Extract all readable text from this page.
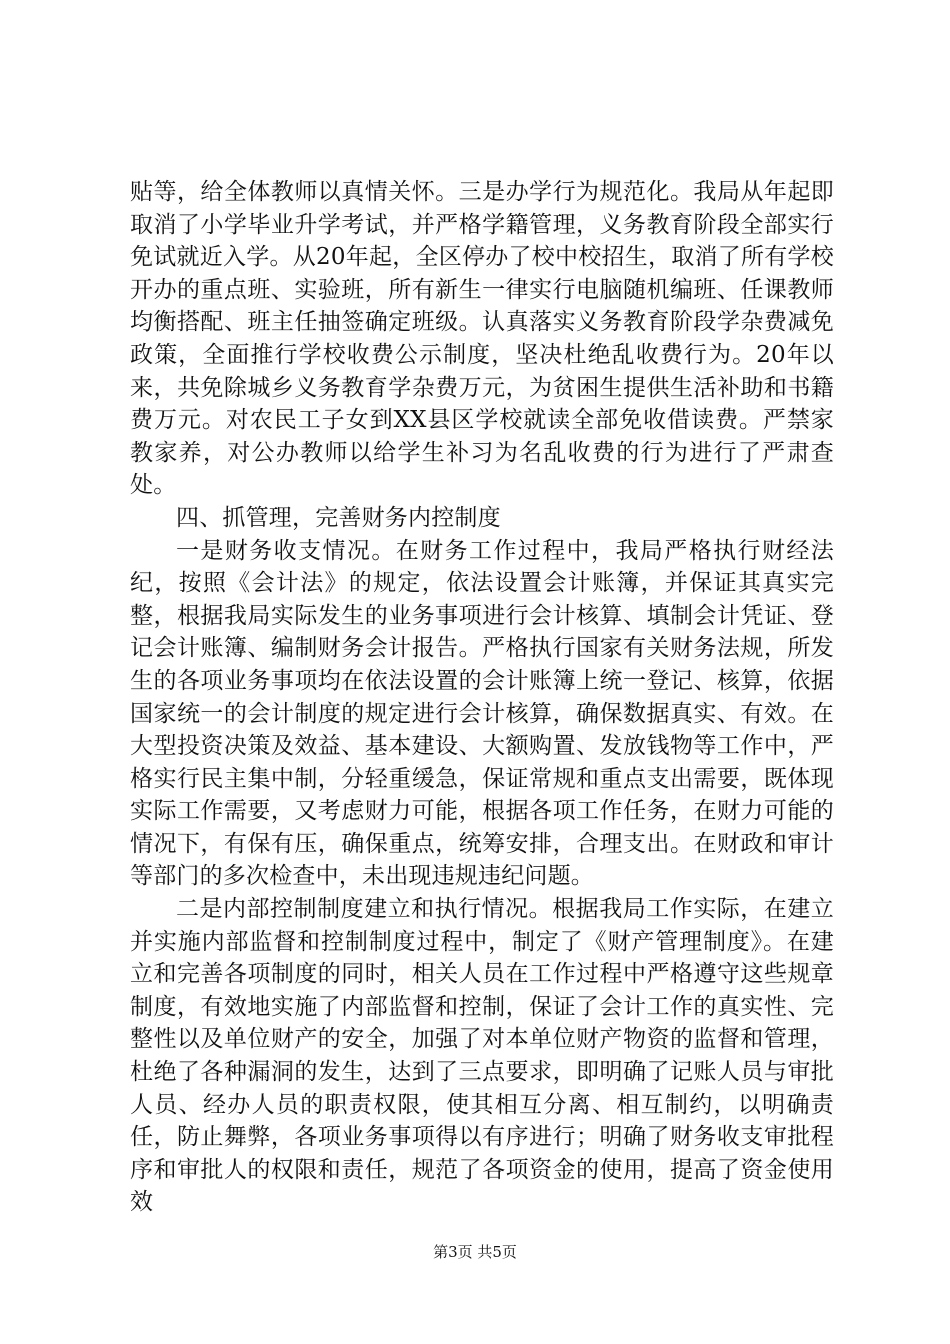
贴等，给全体教师以真情关怀。三是办学行为规范化。我局从年起即取消了小学毕业升学考试，并严格学籍管理，义务教育阶段全部实行免试就近入学。从20年起，全区停办了校中校招生，取消了所有学校开办的重点班、实验班，所有新生一律实行电脑随机编班、任课教师均衡搭配、班主任抽签确定班级。认真落实义务教育阶段学杂费减免政策，全面推行学校收费公示制度，坚决杜绝乱收费行为。20年以来，共免除城乡义务教育学杂费万元，为贫困生提供生活补助和书籍费万元。对农民工子女到XX县区学校就读全部免收借读费。严禁家教家养，对公办教师以给学生补习为名乱收费的行为进行了严肃查处。

四、抓管理，完善财务内控制度

一是财务收支情况。在财务工作过程中，我局严格执行财经法纪，按照《会计法》的规定，依法设置会计账簿，并保证其真实完整，根据我局实际发生的业务事项进行会计核算、填制会计凭证、登记会计账簿、编制财务会计报告。严格执行国家有关财务法规，所发生的各项业务事项均在依法设置的会计账簿上统一登记、核算，依据国家统一的会计制度的规定进行会计核算，确保数据真实、有效。在大型投资决策及效益、基本建设、大额购置、发放钱物等工作中，严格实行民主集中制，分轻重缓急，保证常规和重点支出需要，既体现实际工作需要，又考虑财力可能，根据各项工作任务，在财力可能的情况下，有保有压，确保重点，统筹安排，合理支出。在财政和审计等部门的多次检查中，未出现违规违纪问题。

二是内部控制制度建立和执行情况。根据我局工作实际，在建立并实施内部监督和控制制度过程中，制定了《财产管理制度》。在建立和完善各项制度的同时，相关人员在工作过程中严格遵守这些规章制度，有效地实施了内部监督和控制，保证了会计工作的真实性、完整性以及单位财产的安全，加强了对本单位财产物资的监督和管理，杜绝了各种漏洞的发生，达到了三点要求，即明确了记账人员与审批人员、经办人员的职责权限，使其相互分离、相互制约，以明确责任，防止舞弊，各项业务事项得以有序进行；明确了财务收支审批程序和审批人的权限和责任，规范了各项资金的使用，提高了资金使用效

第3页 共5页
